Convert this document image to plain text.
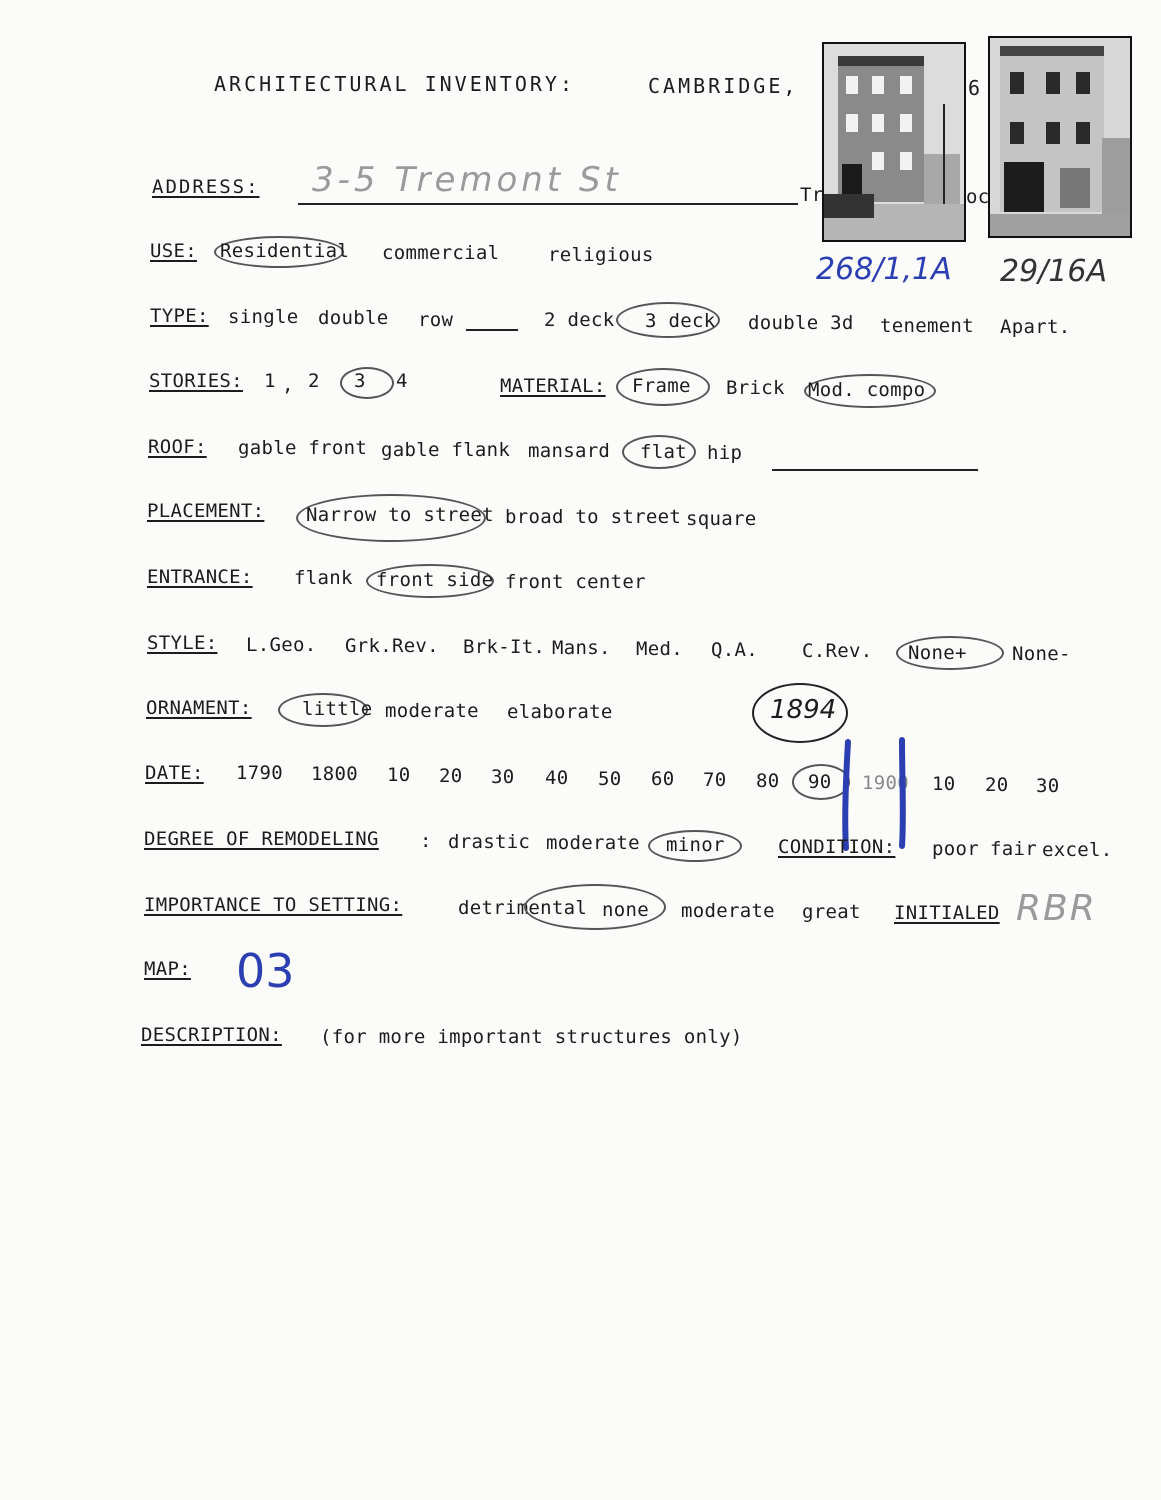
ARCHITECTURAL INVENTORY:	CAMBRIDGE,	6
ADDRESS: 3-5 Tremont St	Tr	oc
268/1,1A 29/16A
USE: Residential commercial	religious
TYPE: single double row	2 deck 3 deck double 3d tenement Apart.
STORIES: 1 , 2 3 4	MATERIAL: Frame Brick Mod. compo
ROOF: gable front gable flank mansard flat hip
PLACEMENT: Narrow to street broad to street square
ENTRANCE: flank front side front center
STYLE: L.Geo. Grk.Rev. Brk-It. Mans. Med. Q.A. C.Rev. None+ None-
ORNAMENT:	little moderate elaborate	1894
DATE: 1790 1800 10 20 30 40 50 60 70 80 90 1900 10 20 30
DEGREE OF REMODELING : drastic moderate minor	CONDITION: poor fair excel.
IMPORTANCE TO SETTING:	detrimental none moderate great INITIALED RBR
MAP: 03
DESCRIPTION: (for more important structures only)
